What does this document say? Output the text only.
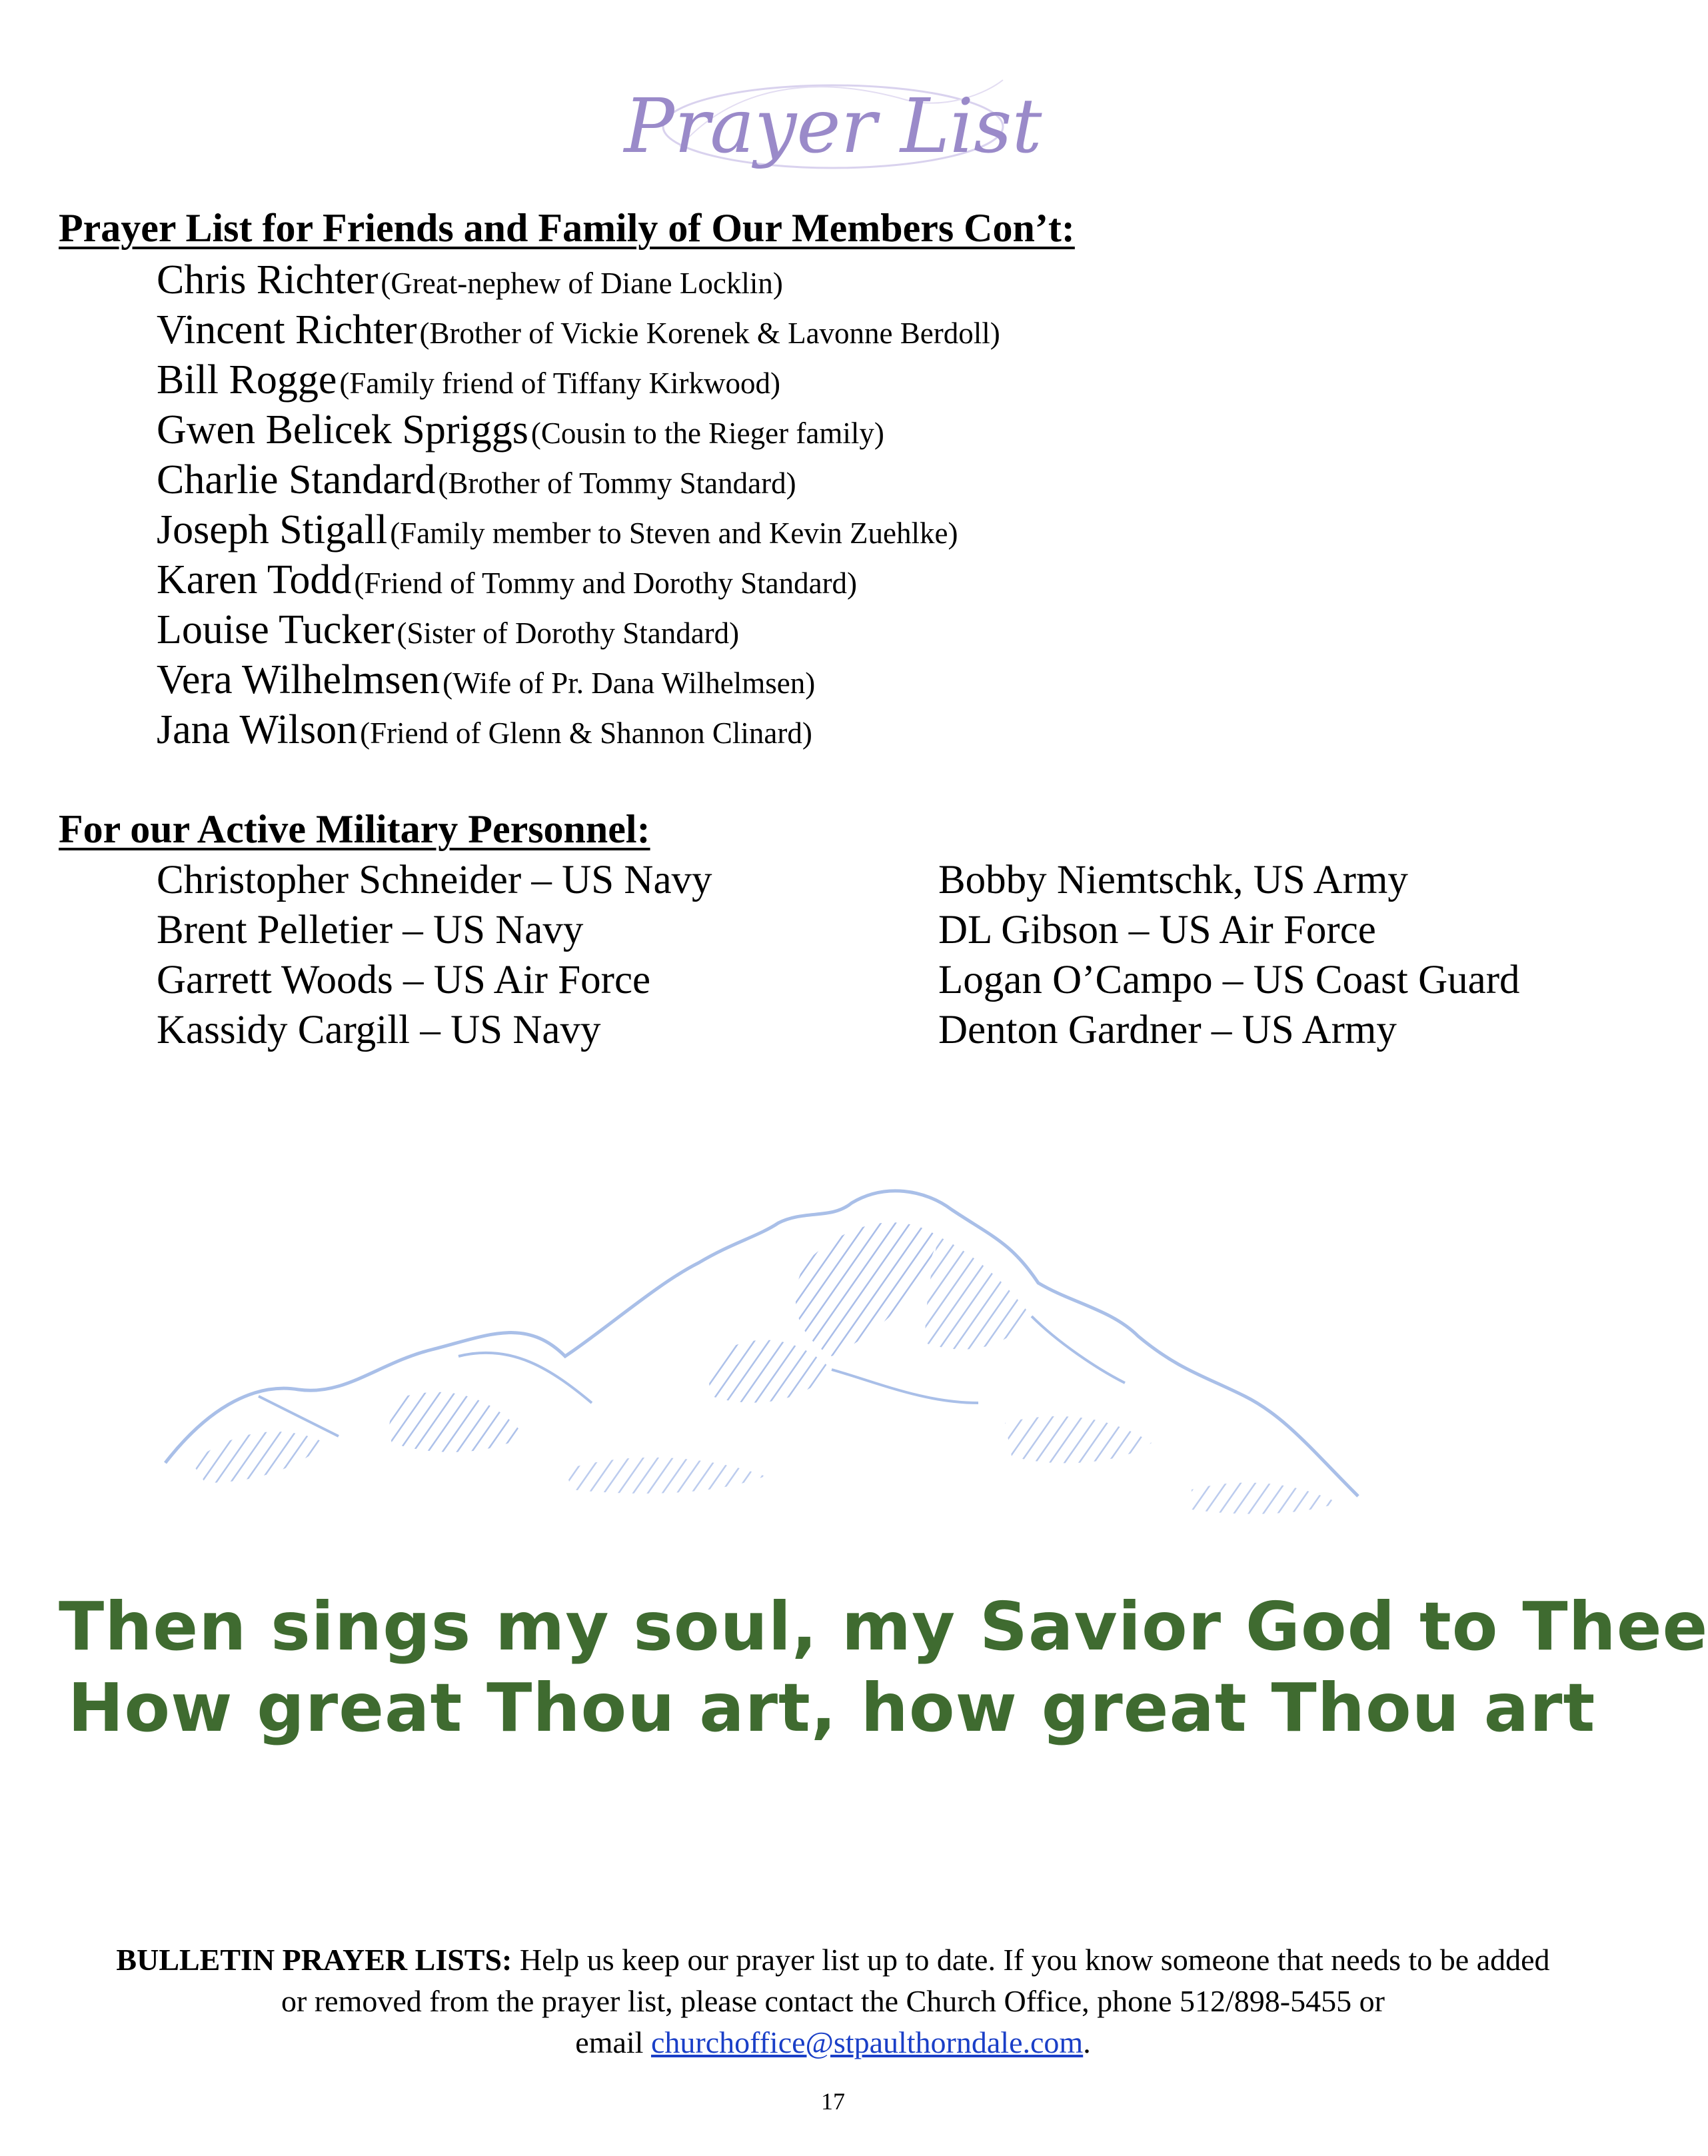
Prayer List
Prayer List for Friends and Family of Our Members Con’t:
Chris Richter (Great-nephew of Diane Locklin)
Vincent Richter (Brother of Vickie Korenek & Lavonne Berdoll)
Bill Rogge (Family friend of Tiffany Kirkwood)
Gwen Belicek Spriggs (Cousin to the Rieger family)
Charlie Standard (Brother of Tommy Standard)
Joseph Stigall (Family member to Steven and Kevin Zuehlke)
Karen Todd (Friend of Tommy and Dorothy Standard)
Louise Tucker (Sister of Dorothy Standard)
Vera Wilhelmsen (Wife of Pr. Dana Wilhelmsen)
Jana Wilson (Friend of Glenn & Shannon Clinard)
For our Active Military Personnel:
Christopher Schneider – US Navy
Brent Pelletier – US Navy
Garrett Woods – US Air Force
Kassidy Cargill – US Navy
Bobby Niemtschk, US Army
DL Gibson – US Air Force
Logan O’Campo – US Coast Guard
Denton Gardner – US Army
Then sings my soul, my Savior God to Thee
How great Thou art, how great Thou art
BULLETIN PRAYER LISTS: Help us keep our prayer list up to date. If you know someone that needs to be added
or removed from the prayer list, please contact the Church Office, phone 512/898-5455 or
email churchoffice@stpaulthorndale.com.
17
